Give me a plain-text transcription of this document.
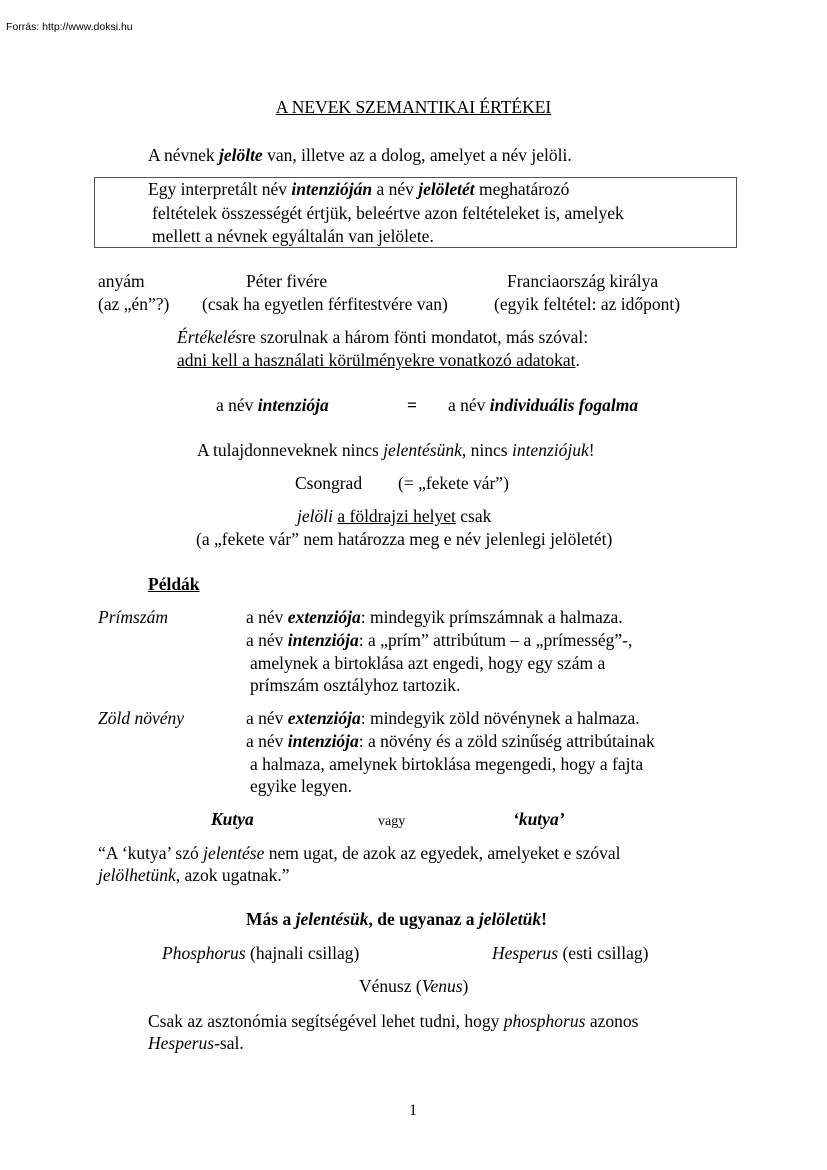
Forrás: http://www.doksi.hu
A NEVEK SZEMANTIKAI ÉRTÉKEI
A névnek jelölte van, illetve az a dolog, amelyet a név jelöli.
Egy interpretált név intenzióján a név jelöletét meghatározó
feltételek összességét értjük, beleértve azon feltételeket is, amelyek
mellett a névnek egyáltalán van jelölete.
anyám	Péter fivére	Franciaország királya
(az „én”?) (csak ha egyetlen férfitestvére van)	(egyik feltétel: az időpont)
Értékelésre szorulnak a három fönti mondatot, más szóval:
adni kell a használati körülményekre vonatkozó adatokat.
a név intenziója	= a név individuális fogalma
A tulajdonneveknek nincs jelentésünk, nincs intenziójuk!
Csongrad (= „fekete vár”)
jelöli a földrajzi helyet csak
(a „fekete vár” nem határozza meg e név jelenlegi jelöletét)
Példák
Prímszám	a név extenziója: mindegyik prímszámnak a halmaza.
a név intenziója: a „prím” attribútum – a „prímesség”-,
amelynek a birtoklása azt engedi, hogy egy szám a
prímszám osztályhoz tartozik.
Zöld növény	a név extenziója: mindegyik zöld növénynek a halmaza.
a név intenziója: a növény és a zöld szinűség attribútainak
a halmaza, amelynek birtoklása megengedi, hogy a fajta
egyike legyen.
Kutya	vagy	‘kutya’
“A ‘kutya’ szó jelentése nem ugat, de azok az egyedek, amelyeket e szóval
jelölhetünk, azok ugatnak.”
Más a jelentésük, de ugyanaz a jelöletük!
Phosphorus (hajnali csillag)	Hesperus (esti csillag)
Vénusz (Venus)
Csak az asztonómia segítségével lehet tudni, hogy phosphorus azonos
Hesperus-sal.
1
